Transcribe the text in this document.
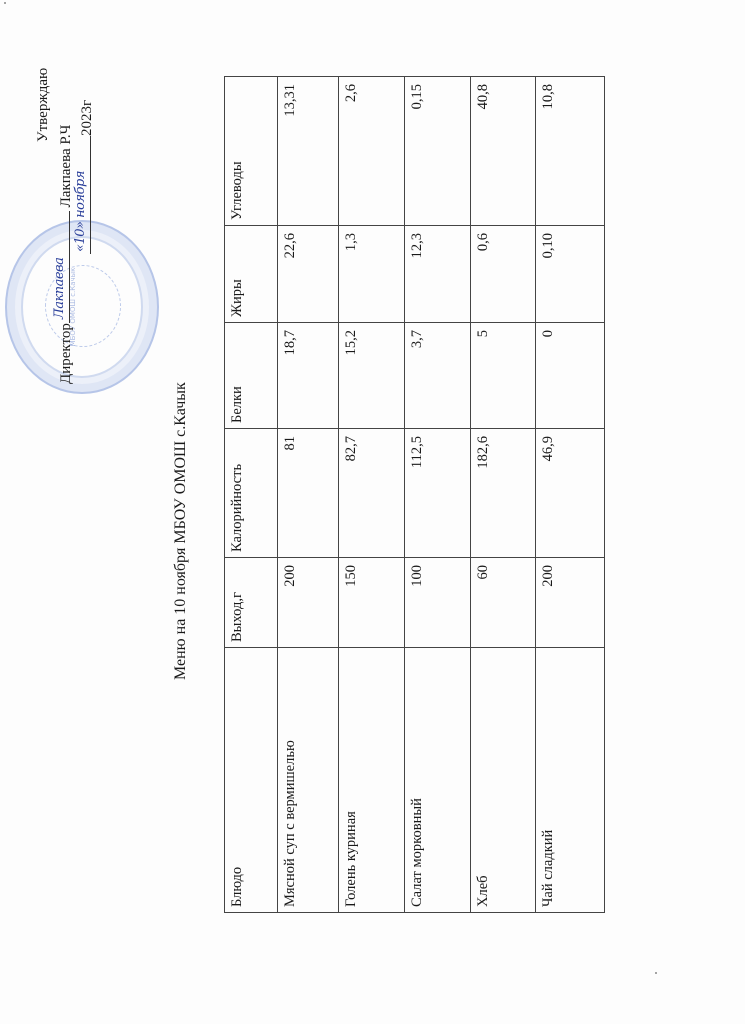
МБОУ ОМОШ с.Качык
Утверждаю
Директор
Лакпаева
Лакпаева Р.Ч
«10» ноября
2023г
Меню на 10 ноября МБОУ ОМОШ с.Качык
Блюдо	Выход,г	Калорийность	Белки	Жиры	Углеводы
Мясной суп с вермишелью	200	81	18,7	22,6	13,31
Голень куриная	150	82,7	15,2	1,3	2,6
Салат морковный	100	112,5	3,7	12,3	0,15
Хлеб	60	182,6	5	0,6	40,8
Чай сладкий	200	46,9	0	0,10	10,8
